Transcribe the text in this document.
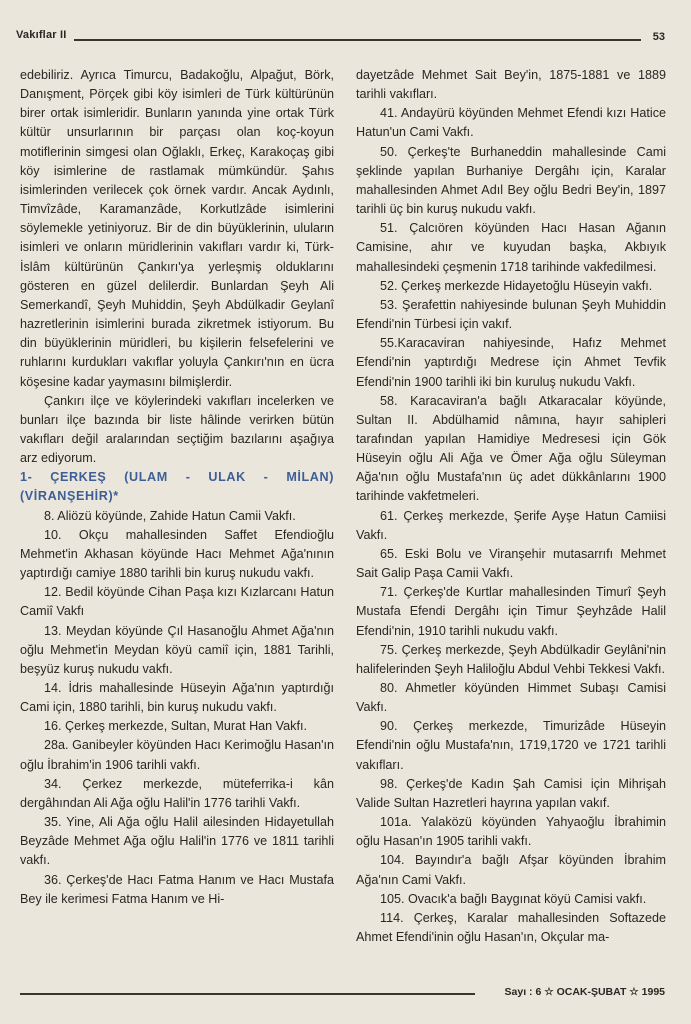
Vakıflar II	53

edebiliriz. Ayrıca Timurcu, Badakoğlu, Alpağut, Börk, Danışment, Pörçek gibi köy isimleri de Türk kültürünün birer ortak isimleridir. Bunların yanında yine ortak Türk kültür unsurlarının bir parçası olan koç-koyun motiflerinin simgesi olan Oğlaklı, Erkeç, Karakoçaş gibi köy isimlerine de rastlamak mümkündür. Şahıs isimlerinden verilecek çok örnek vardır. Ancak Aydınlı, Timvîzâde, Karamanzâde, Korkutlzâde isimlerini söylemekle yetiniyoruz. Bir de din büyüklerinin, ulularιn isimleri ve onların müridlerinin vakıfları vardır ki, Türk-İslâm kültürünün Çankırı'ya yerleşmiş olduklarını gösteren en güzel delilerdir. Bunlardan Şeyh Ali Semerkandî, Şeyh Muhiddin, Şeyh Abdülkadir Geylanî hazretlerinin isimlerini burada zikretmek istiyorum. Bu din büyüklerinin müridleri, bu kişilerin felsefelerini ve ruhlarını kurdukları vakıflar yoluyla Çankırı'nın en ücra köşesine kadar yaymasını bilmişlerdir.

Çankırı ilçe ve köylerindeki vakıfları incelerken ve bunları ilçe bazında bir liste hâlinde verirken bütün vakıfları değil aralarından seçtiğim bazılarını aşağıya arz ediyorum.

1- ÇERKEŞ (ULAM - ULAK - MİLAN) (VİRANŞEHİR)*

8. Aliözü köyünde, Zahide Hatun Camii Vakfı.

10. Okçu mahallesinden Saffet Efendioğlu Mehmet'in Akhasan köyünde Hacı Mehmet Ağa'nının yaptırdığı camiye 1880 tarihli bin kuruş nukudu vakfı.

12. Bedil köyünde Cihan Paşa kızı Kızlarcanı Hatun Camiî Vakfı

13. Meydan köyünde Çıl Hasanoğlu Ahmet Ağa'nın oğlu Mehmet'in Meydan köyü camiî için, 1881 Tarihli, beşyüz kuruş nukudu vakfı.

14. İdris mahallesinde Hüseyin Ağa'nın yaptırdığı Cami için, 1880 tarihli, bin kuruş nukudu vakfı.

16. Çerkeş merkezde, Sultan, Murat Han Vakfı.

28a. Ganibeyler köyünden Hacı Kerimoğlu Hasan'ın oğlu İbrahim'in 1906 tarihli vakfı.

34. Çerkez merkezde, müteferrika-i kân dergâhından Ali Ağa oğlu Halil'in 1776 tarihli Vakfı.

35. Yine, Ali Ağa oğlu Halil ailesinden Hidayetullah Beyzâde Mehmet Ağa oğlu Halil'in 1776 ve 1811 tarihli vakfı.

36. Çerkeş'de Hacı Fatma Hanım ve Hacı Mustafa Bey ile kerimesi Fatma Hanım ve Hi-

dayetzâde Mehmet Sait Bey'in, 1875-1881 ve 1889 tarihli vakıfları.

41. Andayürü köyünden Mehmet Efendi kızı Hatice Hatun'un Cami Vakfı.

50. Çerkeş'te Burhaneddin mahallesinde Cami şeklinde yapılan Burhaniye Dergâhı için, Karalar mahallesinden Ahmet Adıl Bey oğlu Bedri Bey'in, 1897 tarihli üç bin kuruş nukudu vakfı.

51. Çalcıören köyünden Hacı Hasan Ağanın Camisine, ahır ve kuyudan başka, Akbıyık mahallesindeki çeşmenin 1718 tarihinde vakfedilmesi.

52. Çerkeş merkezde Hidayetoğlu Hüseyin vakfı.

53. Şerafettin nahiyesinde bulunan Şeyh Muhiddin Efendi'nin Türbesi için vakıf.

55.Karacaviran nahiyesinde, Hafız Mehmet Efendi'nin yaptırdığı Medrese için Ahmet Tevfik Efendi'nin 1900 tarihli iki bin kuruluş nukudu Vakfı.

58. Karacaviran'a bağlı Atkaracalar köyünde, Sultan II. Abdülhamid nâmına, hayır sahipleri tarafından yapılan Hamidiye Medresesi için Gök Hüseyin oğlu Ali Ağa ve Ömer Ağa oğlu Süleyman Ağa'nın oğlu Mustafa'nın üç adet dükkânlarını 1900 tarihinde vakfetmeleri.

61. Çerkeş merkezde, Şerife Ayşe Hatun Camiisi Vakfı.

65. Eski Bolu ve Viranşehir mutasarrıfı Mehmet Sait Galip Paşa Camii Vakfı.

71. Çerkeş'de Kurtlar mahallesinden Timurî Şeyh Mustafa Efendi Dergâhı için Timur Şeyhzâde Halil Efendi'nin, 1910 tarihli nukudu vakfı.

75. Çerkeş merkezde, Şeyh Abdülkadir Geylâni'nin halifelerinden Şeyh Haliloğlu Abdul Vehbi Tekkesi Vakfı.

80. Ahmetler köyünden Himmet Subaşı Camisi Vakfı.

90. Çerkeş merkezde, Timurizâde Hüseyin Efendi'nin oğlu Mustafa'nın, 1719,1720 ve 1721 tarihli vakıfları.

98. Çerkeş'de Kadın Şah Camisi için Mihrişah Valide Sultan Hazretleri hayrına yapılan vakıf.

101a. Yalaközü köyünden Yahyaoğlu İbrahimin oğlu Hasan'ın 1905 tarihli vakfı.

104. Bayındır'a bağlı Afşar köyünden İbrahim Ağa'nın Cami Vakfı.

105. Ovacık'a bağlı Baygınat köyü Camisi vakfı.

114. Çerkeş, Karalar mahallesinden Softazede Ahmet Efendi'inin oğlu Hasan'ın, Okçular ma-

Sayı : 6 ☆ OCAK-ŞUBAT ☆ 1995
